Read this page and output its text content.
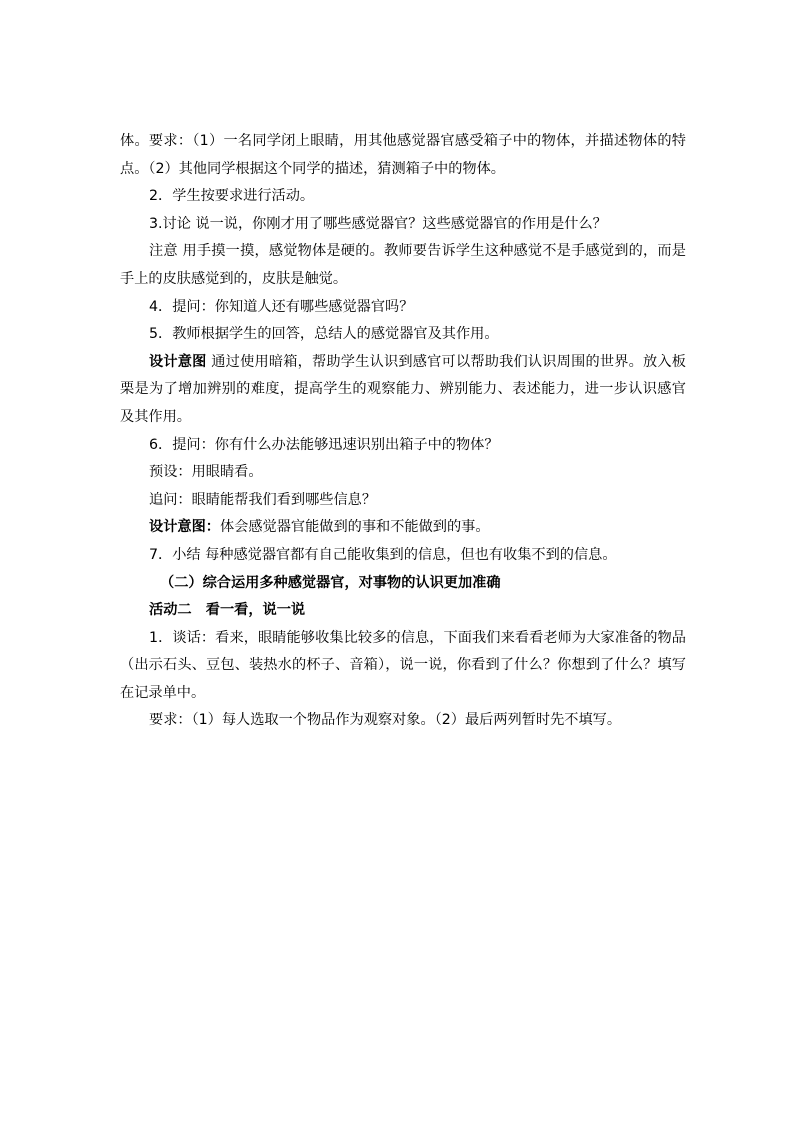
体。要求：（1）一名同学闭上眼睛，用其他感觉器官感受箱子中的物体，并描述物体的特点。（2）其他同学根据这个同学的描述，猜测箱子中的物体。

2．学生按要求进行活动。

3.讨论 说一说，你刚才用了哪些感觉器官？这些感觉器官的作用是什么？

注意 用手摸一摸，感觉物体是硬的。教师要告诉学生这种感觉不是手感觉到的，而是手上的皮肤感觉到的，皮肤是触觉。

4．提问：你知道人还有哪些感觉器官吗？

5．教师根据学生的回答，总结人的感觉器官及其作用。

设计意图 通过使用暗箱，帮助学生认识到感官可以帮助我们认识周围的世界。放入板栗是为了增加辨别的难度，提高学生的观察能力、辨别能力、表述能力，进一步认识感官及其作用。

6．提问：你有什么办法能够迅速识别出箱子中的物体？

预设：用眼睛看。

追问：眼睛能帮我们看到哪些信息？

设计意图：体会感觉器官能做到的事和不能做到的事。

7．小结 每种感觉器官都有自己能收集到的信息，但也有收集不到的信息。

（二）综合运用多种感觉器官，对事物的认识更加准确

活动二　看一看，说一说

1．谈话：看来，眼睛能够收集比较多的信息，下面我们来看看老师为大家准备的物品（出示石头、豆包、装热水的杯子、音箱），说一说，你看到了什么？你想到了什么？填写在记录单中。

要求：（1）每人选取一个物品作为观察对象。（2）最后两列暂时先不填写。
